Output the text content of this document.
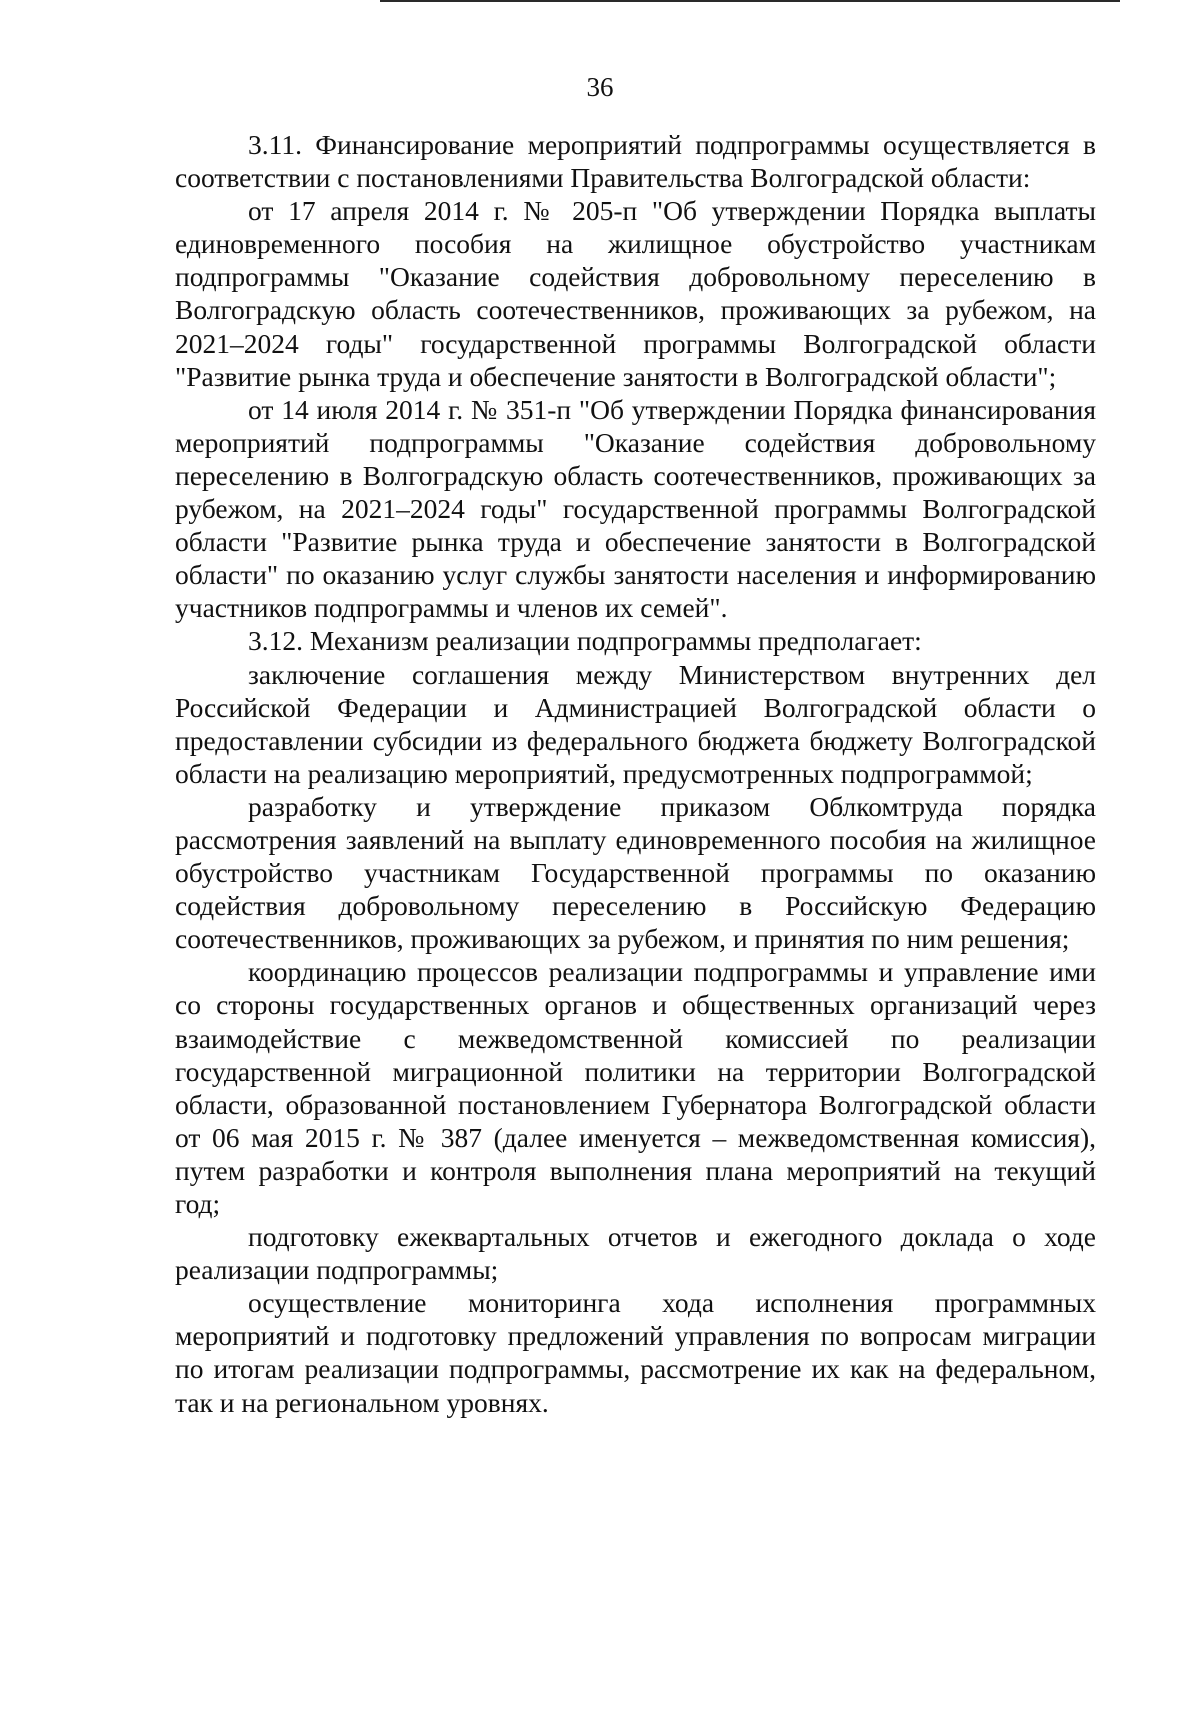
36

3.11. Финансирование мероприятий подпрограммы осуществляется в соответствии с постановлениями Правительства Волгоградской области:

от 17 апреля 2014 г. № 205-п "Об утверждении Порядка выплаты единовременного пособия на жилищное обустройство участникам подпрограммы "Оказание содействия добровольному переселению в Волгоградскую область соотечественников, проживающих за рубежом, на 2021–2024 годы" государственной программы Волгоградской области "Развитие рынка труда и обеспечение занятости в Волгоградской области";

от 14 июля 2014 г. № 351-п "Об утверждении Порядка финансирования мероприятий подпрограммы "Оказание содействия добровольному переселению в Волгоградскую область соотечественников, проживающих за рубежом, на 2021–2024 годы" государственной программы Волгоградской области "Развитие рынка труда и обеспечение занятости в Волгоградской области" по оказанию услуг службы занятости населения и информированию участников подпрограммы и членов их семей".

3.12. Механизм реализации подпрограммы предполагает:

заключение соглашения между Министерством внутренних дел Российской Федерации и Администрацией Волгоградской области о предоставлении субсидии из федерального бюджета бюджету Волгоградской области на реализацию мероприятий, предусмотренных подпрограммой;

разработку и утверждение приказом Облкомтруда порядка рассмотрения заявлений на выплату единовременного пособия на жилищное обустройство участникам Государственной программы по оказанию содействия добровольному переселению в Российскую Федерацию соотечественников, проживающих за рубежом, и принятия по ним решения;

координацию процессов реализации подпрограммы и управление ими со стороны государственных органов и общественных организаций через взаимодействие с межведомственной комиссией по реализации государственной миграционной политики на территории Волгоградской области, образованной постановлением Губернатора Волгоградской области от 06 мая 2015 г. № 387 (далее именуется – межведомственная комиссия), путем разработки и контроля выполнения плана мероприятий на текущий год;

подготовку ежеквартальных отчетов и ежегодного доклада о ходе реализации подпрограммы;

осуществление мониторинга хода исполнения программных мероприятий и подготовку предложений управления по вопросам миграции по итогам реализации подпрограммы, рассмотрение их как на федеральном, так и на региональном уровнях.
